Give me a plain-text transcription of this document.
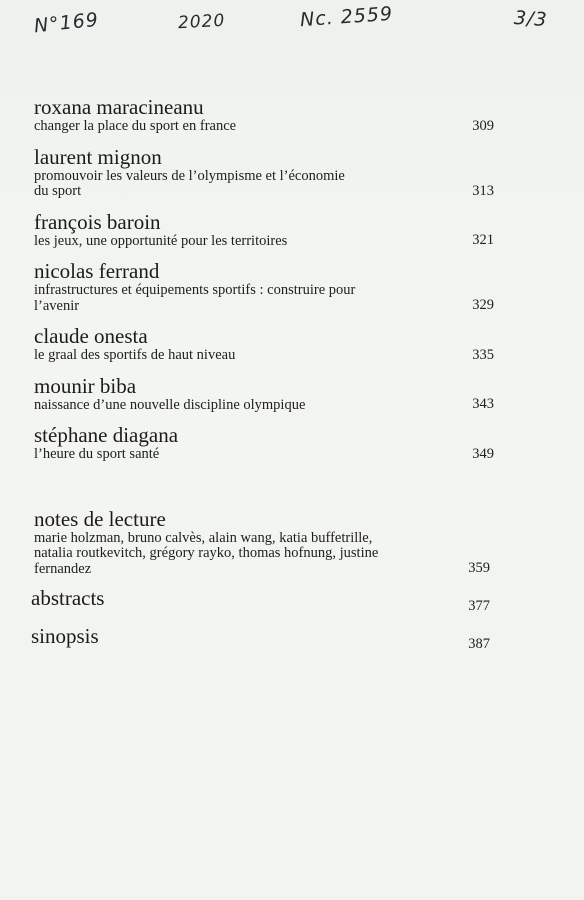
​
N°169	2020	Nc. 2559	3/3
roxana maracineanu
changer la place du sport en france	309
laurent mignon
promouvoir les valeurs de l’olympisme et l’économie
du sport	313
françois baroin
les jeux, une opportunité pour les territoires	321
nicolas ferrand
infrastructures et équipements sportifs : construire pour
l’avenir	329
claude onesta
le graal des sportifs de haut niveau	335
mounir biba
naissance d’une nouvelle discipline olympique	343
stéphane diagana
l’heure du sport santé	349
notes de lecture
marie holzman, bruno calvès, alain wang, katia buffetrille,
natalia routkevitch, grégory rayko, thomas hofnung, justine
fernandez	359
abstracts	377
sinopsis	387
